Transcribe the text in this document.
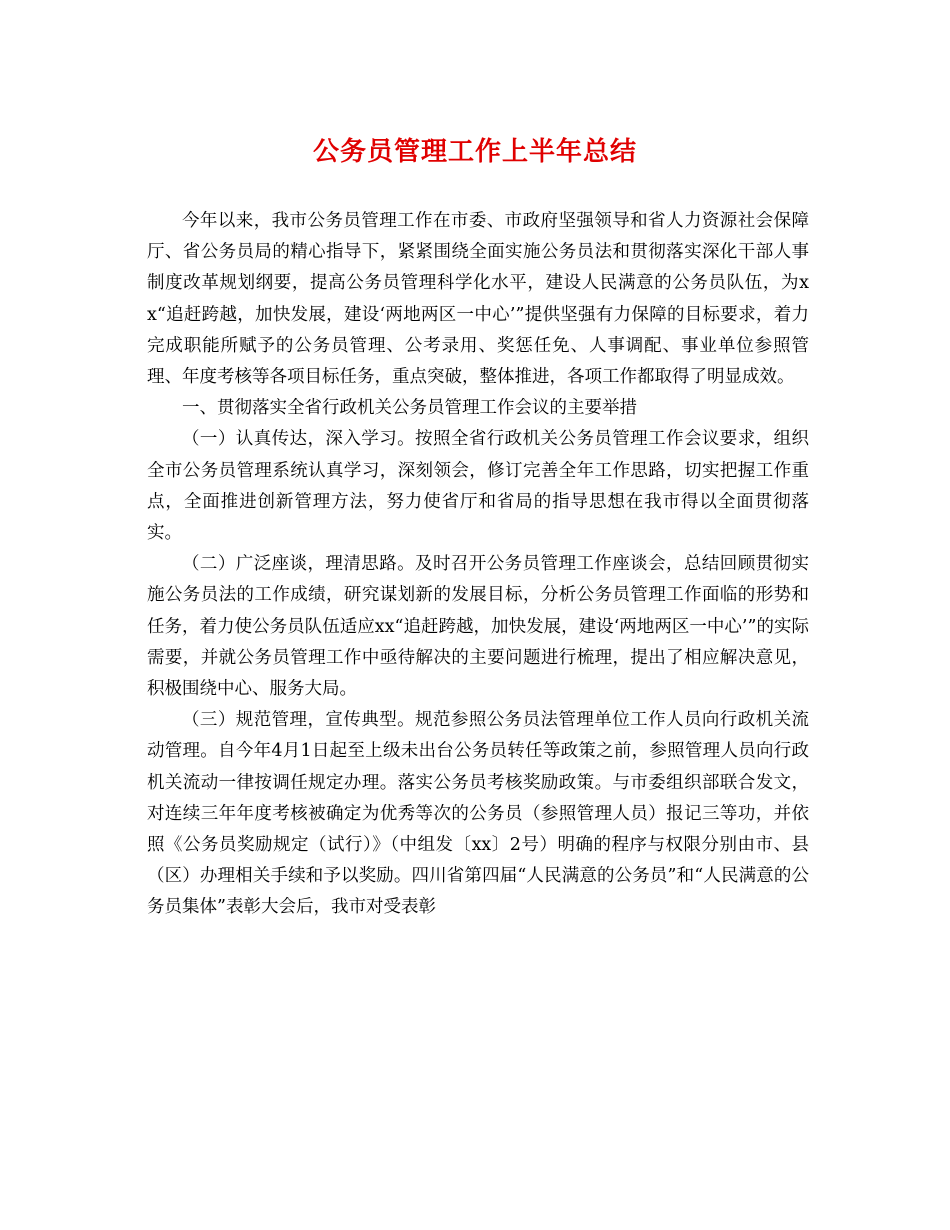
公务员管理工作上半年总结

今年以来，我市公务员管理工作在市委、市政府坚强领导和省人力资源社会保障厅、省公务员局的精心指导下，紧紧围绕全面实施公务员法和贯彻落实深化干部人事制度改革规划纲要，提高公务员管理科学化水平，建设人民满意的公务员队伍，为xx“追赶跨越，加快发展，建设‘两地两区一中心’”提供坚强有力保障的目标要求，着力完成职能所赋予的公务员管理、公考录用、奖惩任免、人事调配、事业单位参照管理、年度考核等各项目标任务，重点突破，整体推进，各项工作都取得了明显成效。

一、贯彻落实全省行政机关公务员管理工作会议的主要举措

（一）认真传达，深入学习。按照全省行政机关公务员管理工作会议要求，组织全市公务员管理系统认真学习，深刻领会，修订完善全年工作思路，切实把握工作重点，全面推进创新管理方法，努力使省厅和省局的指导思想在我市得以全面贯彻落实。

（二）广泛座谈，理清思路。及时召开公务员管理工作座谈会，总结回顾贯彻实施公务员法的工作成绩，研究谋划新的发展目标，分析公务员管理工作面临的形势和任务，着力使公务员队伍适应xx“追赶跨越，加快发展，建设‘两地两区一中心’”的实际需要，并就公务员管理工作中亟待解决的主要问题进行梳理，提出了相应解决意见，积极围绕中心、服务大局。

（三）规范管理，宣传典型。规范参照公务员法管理单位工作人员向行政机关流动管理。自今年4月1日起至上级未出台公务员转任等政策之前，参照管理人员向行政机关流动一律按调任规定办理。落实公务员考核奖励政策。与市委组织部联合发文，对连续三年年度考核被确定为优秀等次的公务员（参照管理人员）报记三等功，并依照《公务员奖励规定（试行）》（中组发〔xx〕2号）明确的程序与权限分别由市、县（区）办理相关手续和予以奖励。四川省第四届“人民满意的公务员”和“人民满意的公务员集体”表彰大会后，我市对受表彰
